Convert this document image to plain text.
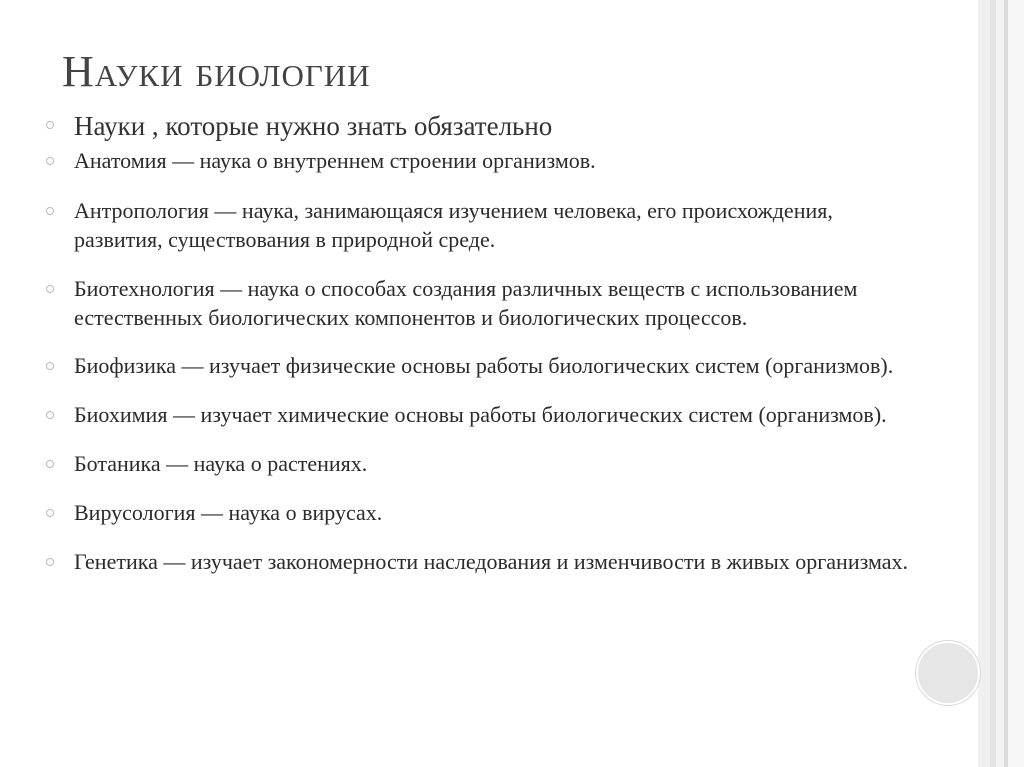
Науки биологии
Науки , которые нужно знать обязательно
Анатомия — наука о внутреннем строении организмов.
Антропология — наука, занимающаяся изучением человека, его происхождения, развития, существования в природной среде.
Биотехнология — наука о способах создания различных веществ с использованием естественных биологических компонентов и биологических процессов.
Биофизика — изучает физические основы работы биологических систем (организмов).
Биохимия — изучает химические основы работы биологических систем (организмов).
Ботаника — наука о растениях.
Вирусология — наука о вирусах.
Генетика — изучает закономерности наследования и изменчивости в живых организмах.
